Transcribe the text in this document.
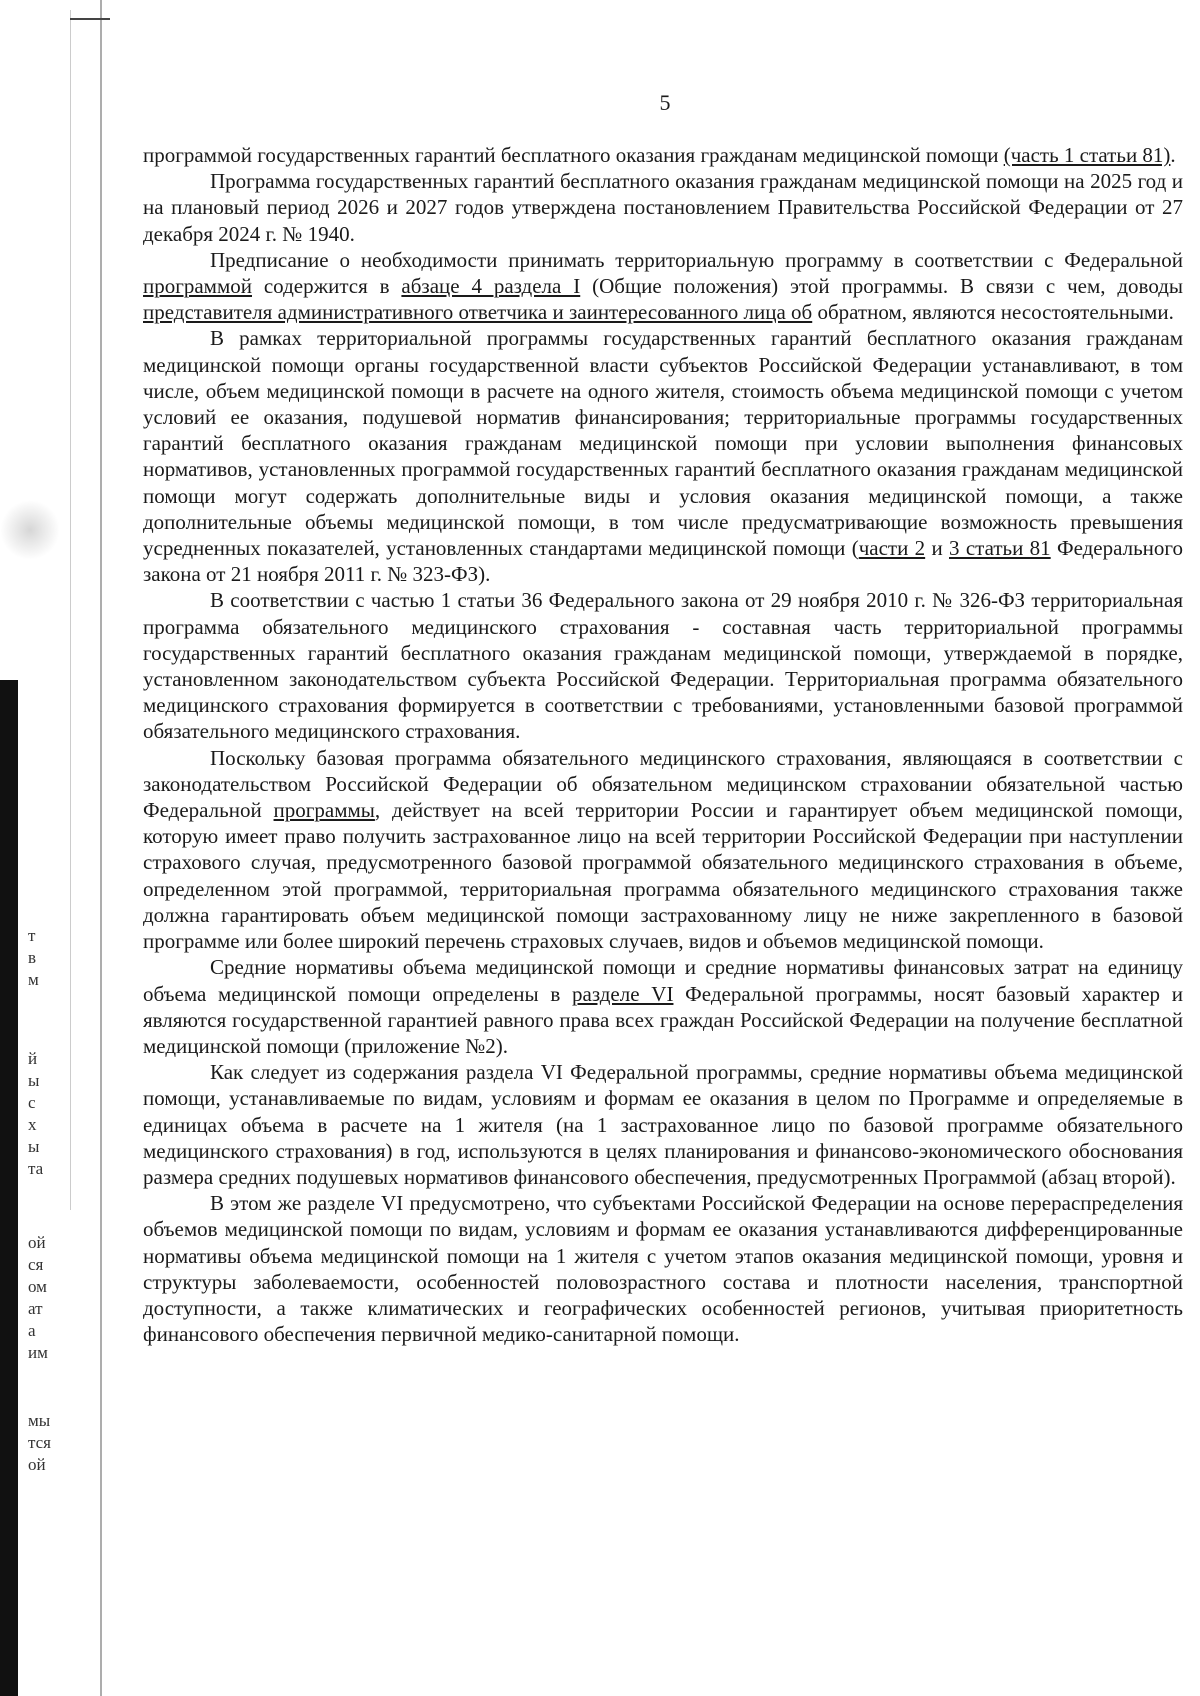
т
в
м
й
ы
с
х
ы
та
ой
ся
ом
ат
а
им
мы
тся
ой
5

программой государственных гарантий бесплатного оказания гражданам медицинской помощи (часть 1 статьи 81).

Программа государственных гарантий бесплатного оказания гражданам медицинской помощи на 2025 год и на плановый период 2026 и 2027 годов утверждена постановлением Правительства Российской Федерации от 27 декабря 2024 г. № 1940.

Предписание о необходимости принимать территориальную программу в соответствии с Федеральной программой содержится в абзаце 4 раздела I (Общие положения) этой программы. В связи с чем, доводы представителя административного ответчика и заинтересованного лица об обратном, являются несостоятельными.

В рамках территориальной программы государственных гарантий бесплатного оказания гражданам медицинской помощи органы государственной власти субъектов Российской Федерации устанавливают, в том числе, объем медицинской помощи в расчете на одного жителя, стоимость объема медицинской помощи с учетом условий ее оказания, подушевой норматив финансирования; территориальные программы государственных гарантий бесплатного оказания гражданам медицинской помощи при условии выполнения финансовых нормативов, установленных программой государственных гарантий бесплатного оказания гражданам медицинской помощи могут содержать дополнительные виды и условия оказания медицинской помощи, а также дополнительные объемы медицинской помощи, в том числе предусматривающие возможность превышения усредненных показателей, установленных стандартами медицинской помощи (части 2 и 3 статьи 81 Федерального закона от 21 ноября 2011 г. № 323-ФЗ).

В соответствии с частью 1 статьи 36 Федерального закона от 29 ноября 2010 г. № 326-ФЗ территориальная программа обязательного медицинского страхования - составная часть территориальной программы государственных гарантий бесплатного оказания гражданам медицинской помощи, утверждаемой в порядке, установленном законодательством субъекта Российской Федерации. Территориальная программа обязательного медицинского страхования формируется в соответствии с требованиями, установленными базовой программой обязательного медицинского страхования.

Поскольку базовая программа обязательного медицинского страхования, являющаяся в соответствии с законодательством Российской Федерации об обязательном медицинском страховании обязательной частью Федеральной программы, действует на всей территории России и гарантирует объем медицинской помощи, которую имеет право получить застрахованное лицо на всей территории Российской Федерации при наступлении страхового случая, предусмотренного базовой программой обязательного медицинского страхования в объеме, определенном этой программой, территориальная программа обязательного медицинского страхования также должна гарантировать объем медицинской помощи застрахованному лицу не ниже закрепленного в базовой программе или более широкий перечень страховых случаев, видов и объемов медицинской помощи.

Средние нормативы объема медицинской помощи и средние нормативы финансовых затрат на единицу объема медицинской помощи определены в разделе VI Федеральной программы, носят базовый характер и являются государственной гарантией равного права всех граждан Российской Федерации на получение бесплатной медицинской помощи (приложение №2).

Как следует из содержания раздела VI Федеральной программы, средние нормативы объема медицинской помощи, устанавливаемые по видам, условиям и формам ее оказания в целом по Программе и определяемые в единицах объема в расчете на 1 жителя (на 1 застрахованное лицо по базовой программе обязательного медицинского страхования) в год, используются в целях планирования и финансово-экономического обоснования размера средних подушевых нормативов финансового обеспечения, предусмотренных Программой (абзац второй).

В этом же разделе VI предусмотрено, что субъектами Российской Федерации на основе перераспределения объемов медицинской помощи по видам, условиям и формам ее оказания устанавливаются дифференцированные нормативы объема медицинской помощи на 1 жителя с учетом этапов оказания медицинской помощи, уровня и структуры заболеваемости, особенностей половозрастного состава и плотности населения, транспортной доступности, а также климатических и географических особенностей регионов, учитывая приоритетность финансового обеспечения первичной медико-санитарной помощи.
